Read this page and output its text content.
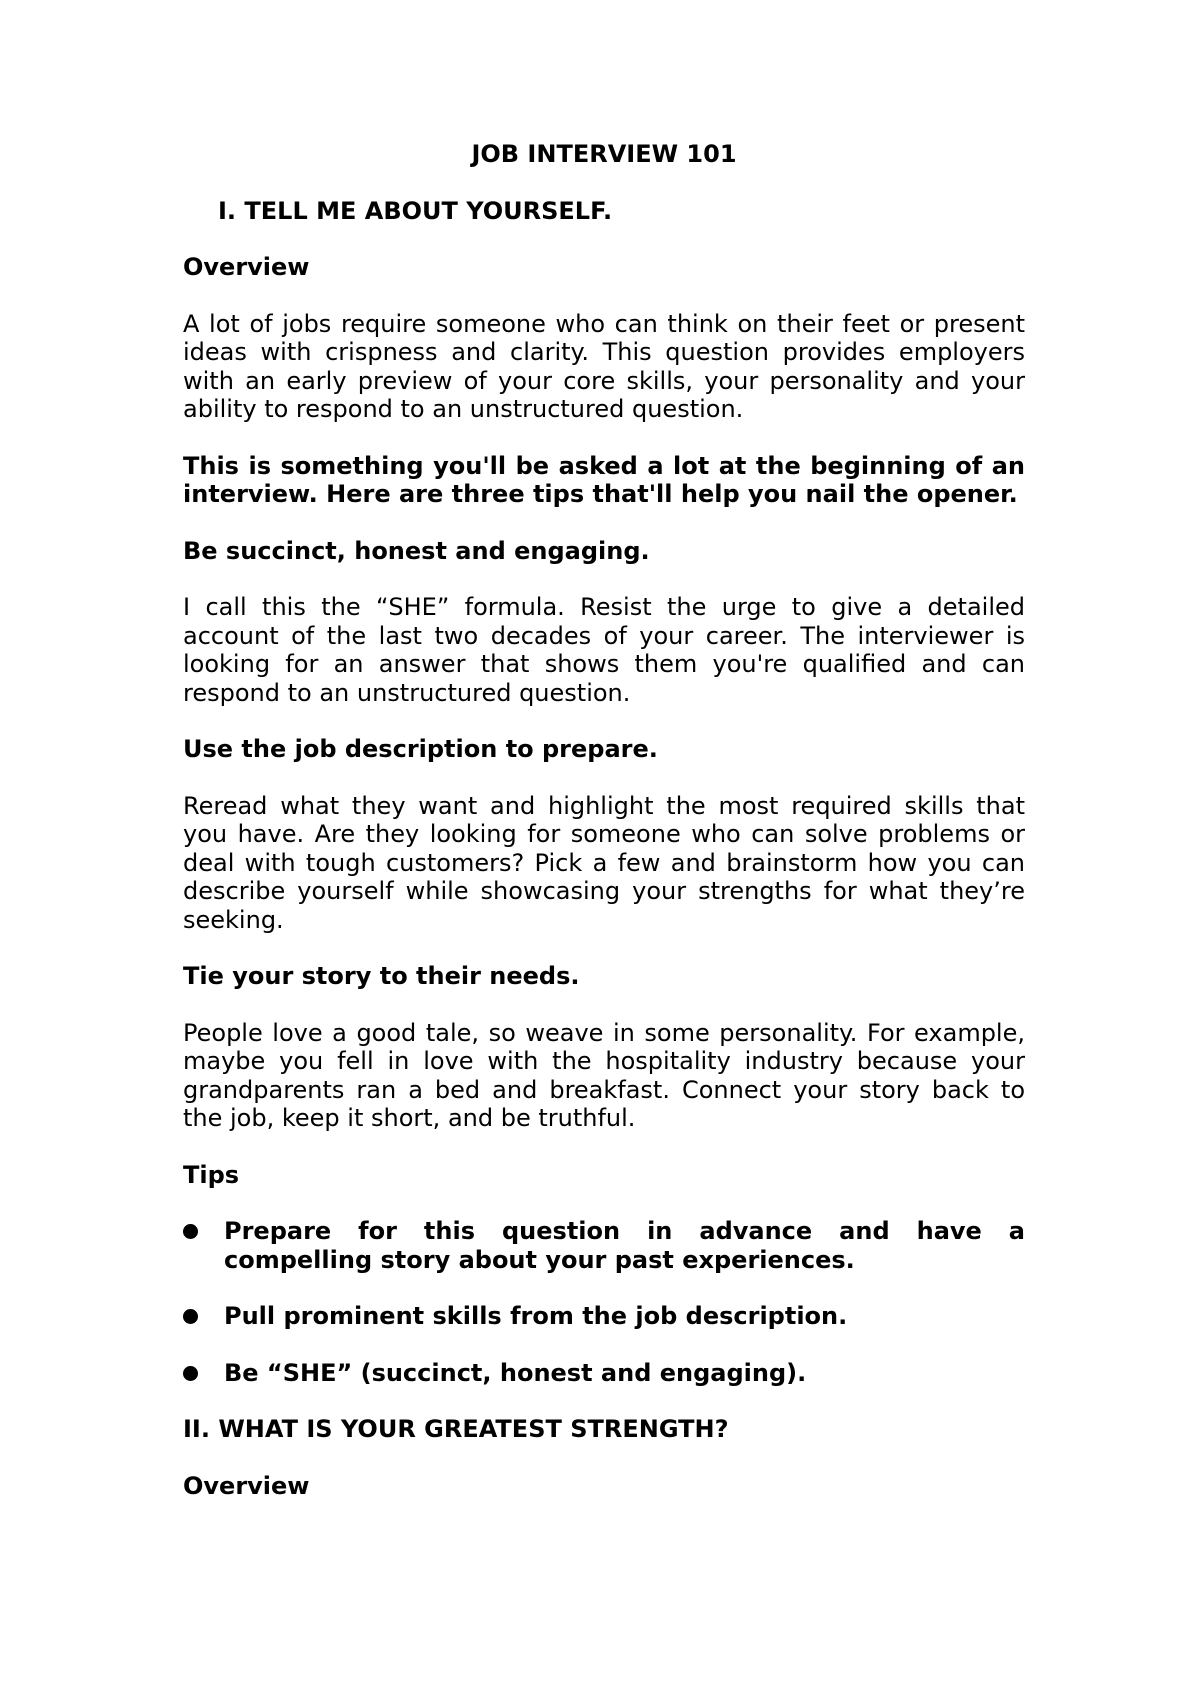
JOB INTERVIEW 101
I. TELL ME ABOUT YOURSELF.
Overview
A lot of jobs require someone who can think on their feet or present ideas with crispness and clarity. This question provides employers with an early preview of your core skills, your personality and your ability to respond to an unstructured question.
This is something you'll be asked a lot at the beginning of an interview. Here are three tips that'll help you nail the opener.
Be succinct, honest and engaging.
I call this the “SHE” formula. Resist the urge to give a detailed account of the last two decades of your career. The interviewer is looking for an answer that shows them you're qualified and can respond to an unstructured question.
Use the job description to prepare.
Reread what they want and highlight the most required skills that you have. Are they looking for someone who can solve problems or deal with tough customers? Pick a few and brainstorm how you can describe yourself while showcasing your strengths for what they’re seeking.
Tie your story to their needs.
People love a good tale, so weave in some personality. For example, maybe you fell in love with the hospitality industry because your grandparents ran a bed and breakfast. Connect your story back to the job, keep it short, and be truthful.
Tips
Prepare for this question in advance and have a compelling story about your past experiences.
Pull prominent skills from the job description.
Be “SHE” (succinct, honest and engaging).
II. WHAT IS YOUR GREATEST STRENGTH?
Overview
